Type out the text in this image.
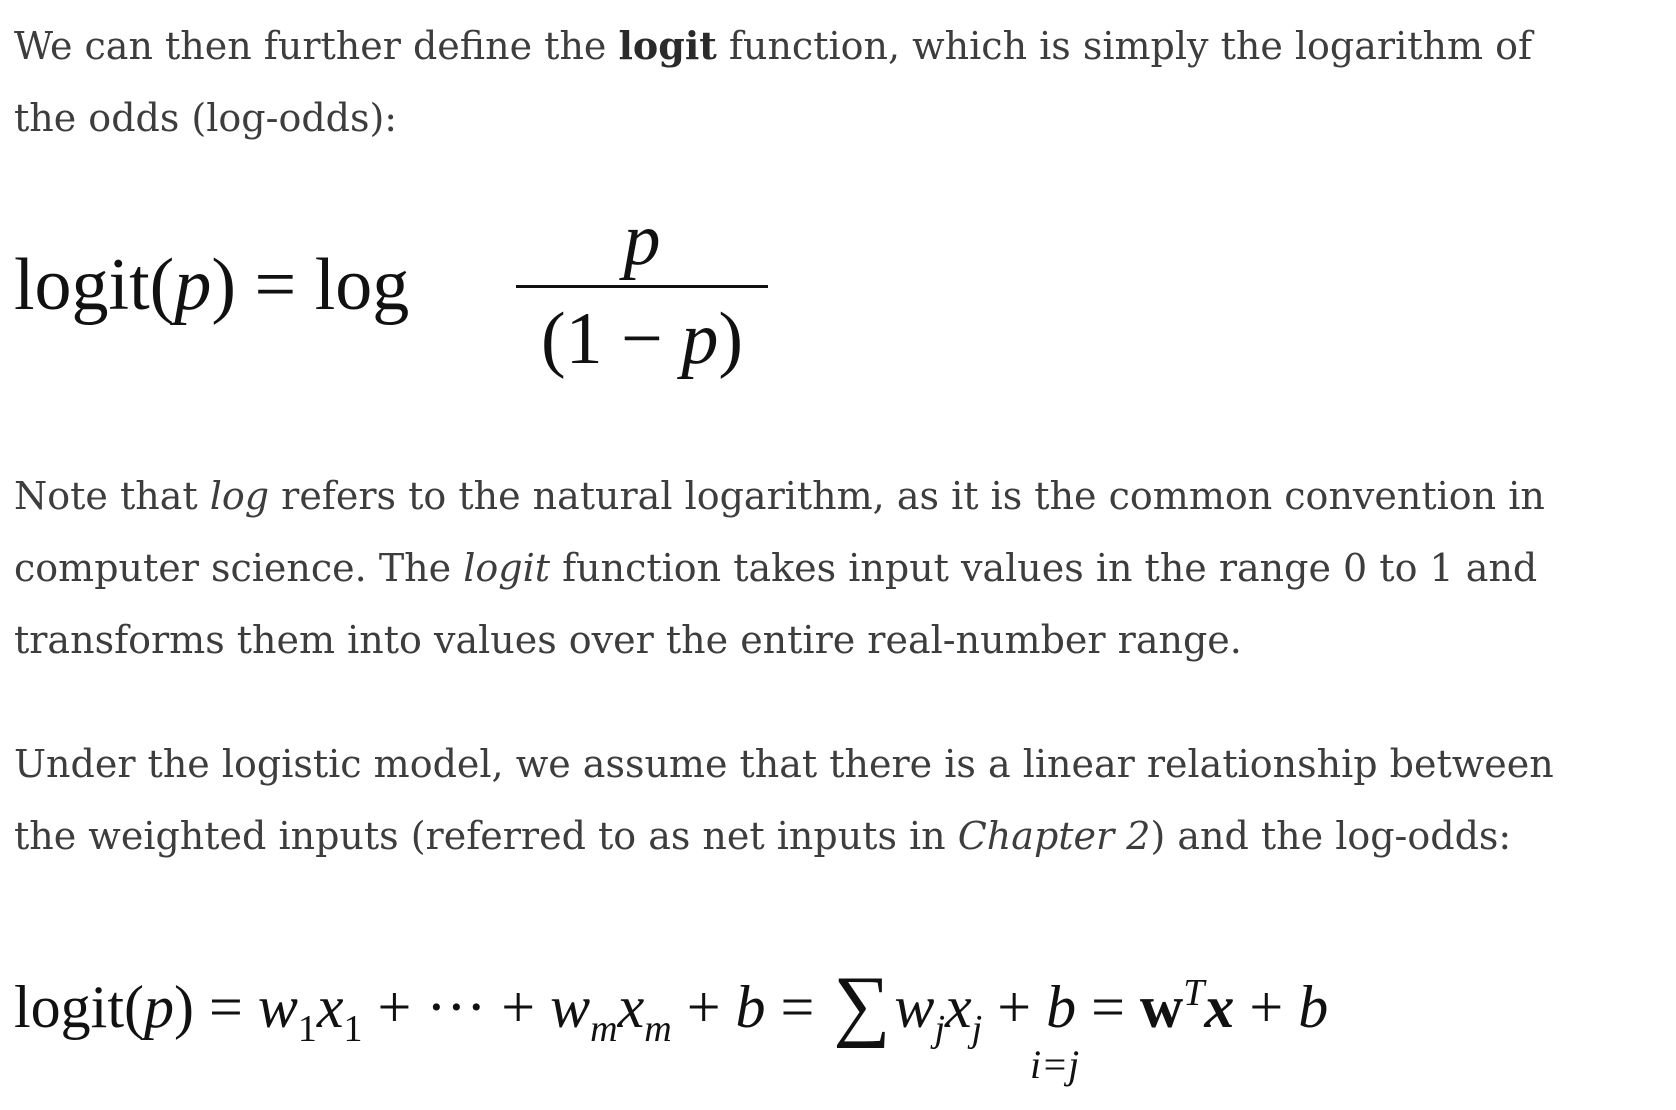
We can then further define the logit function, which is simply the logarithm of
the odds (log-odds):

logit(p) = log
p
(1 − p)

Note that log refers to the natural logarithm, as it is the common convention in
computer science. The logit function takes input values in the range 0 to 1 and
transforms them into values over the entire real-number range.

Under the logistic model, we assume that there is a linear relationship between
the weighted inputs (referred to as net inputs in Chapter 2) and the log-odds:

logit(p) = $w_1x_1$ + ··· + $w_mx_m + b = \sum w_jx_j + b = w^Tx + b$
i=j
